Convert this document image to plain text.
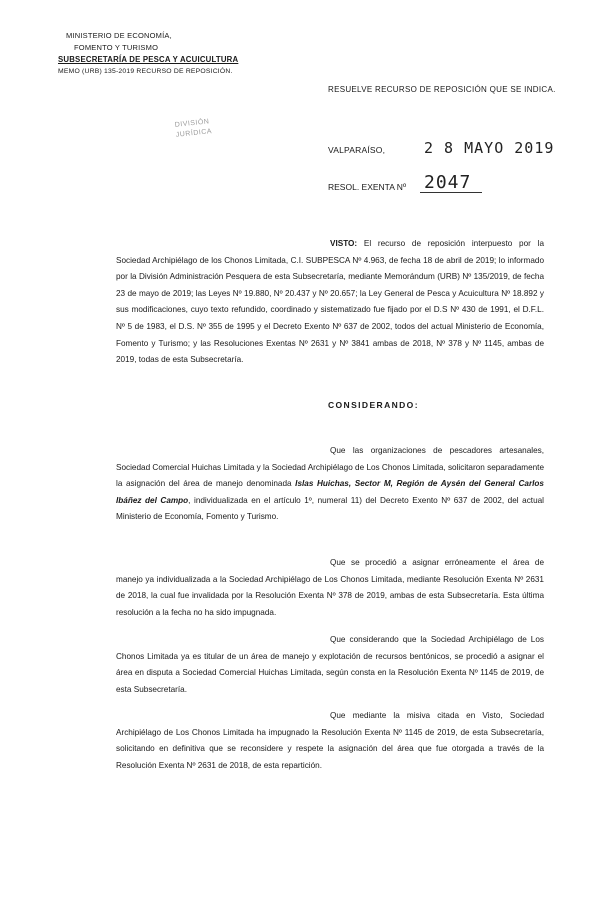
MINISTERIO DE ECONOMÍA,
FOMENTO Y TURISMO
SUBSECRETARÍA DE PESCA Y ACUICULTURA
MEMO (URB) 135-2019 RECURSO DE REPOSICIÓN.
DIVISIÓN
JURÍDICA
RESUELVE RECURSO DE REPOSICIÓN QUE SE INDICA.
VALPARAÍSO,	2 8 MAYO 2019
RESOL. EXENTA Nº 2047
VISTO: El recurso de reposición interpuesto por la Sociedad Archipiélago de los Chonos Limitada, C.I. SUBPESCA Nº 4.963, de fecha 18 de abril de 2019; lo informado por la División Administración Pesquera de esta Subsecretaría, mediante Memorándum (URB) Nº 135/2019, de fecha 23 de mayo de 2019; las Leyes Nº 19.880, Nº 20.437 y Nº 20.657; la Ley General de Pesca y Acuicultura Nº 18.892 y sus modificaciones, cuyo texto refundido, coordinado y sistematizado fue fijado por el D.S Nº 430 de 1991, el D.F.L. Nº 5 de 1983, el D.S. Nº 355 de 1995 y el Decreto Exento Nº 637 de 2002, todos del actual Ministerio de Economía, Fomento y Turismo; y las Resoluciones Exentas Nº 2631 y Nº 3841 ambas de 2018, Nº 378 y Nº 1145, ambas de 2019, todas de esta Subsecretaría.
CONSIDERANDO:
Que las organizaciones de pescadores artesanales, Sociedad Comercial Huichas Limitada y la Sociedad Archipiélago de Los Chonos Limitada, solicitaron separadamente la asignación del área de manejo denominada Islas Huichas, Sector M, Región de Aysén del General Carlos Ibáñez del Campo, individualizada en el artículo 1º, numeral 11) del Decreto Exento Nº 637 de 2002, del actual Ministerio de Economía, Fomento y Turismo.
Que se procedió a asignar erróneamente el área de manejo ya individualizada a la Sociedad Archipiélago de Los Chonos Limitada, mediante Resolución Exenta Nº 2631 de 2018, la cual fue invalidada por la Resolución Exenta Nº 378 de 2019, ambas de esta Subsecretaría. Esta última resolución a la fecha no ha sido impugnada.
Que considerando que la Sociedad Archipiélago de Los Chonos Limitada ya es titular de un área de manejo y explotación de recursos bentónicos, se procedió a asignar el área en disputa a Sociedad Comercial Huichas Limitada, según consta en la Resolución Exenta Nº 1145 de 2019, de esta Subsecretaría.
Que mediante la misiva citada en Visto, Sociedad Archipiélago de Los Chonos Limitada ha impugnado la Resolución Exenta Nº 1145 de 2019, de esta Subsecretaría, solicitando en definitiva que se reconsidere y respete la asignación del área que fue otorgada a través de la Resolución Exenta Nº 2631 de 2018, de esta repartición.
